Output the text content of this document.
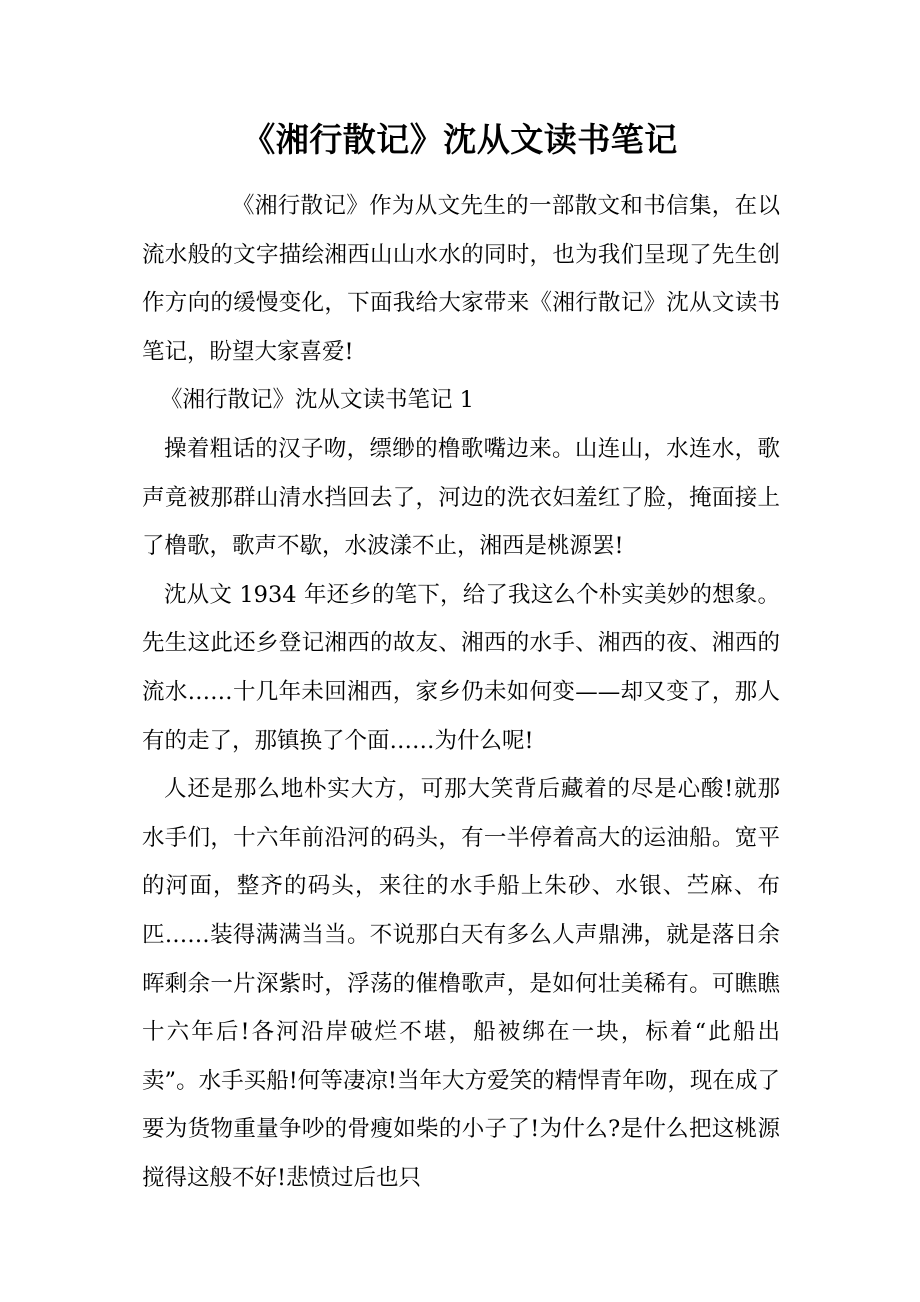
《湘行散记》沈从文读书笔记

《湘行散记》作为从文先生的一部散文和书信集，在以流水般的文字描绘湘西山山水水的同时，也为我们呈现了先生创作方向的缓慢变化，下面我给大家带来《湘行散记》沈从文读书笔记，盼望大家喜爱!

《湘行散记》沈从文读书笔记 1

操着粗话的汉子吻，缥缈的橹歌嘴边来。山连山，水连水，歌声竟被那群山清水挡回去了，河边的洗衣妇羞红了脸，掩面接上了橹歌，歌声不歇，水波漾不止，湘西是桃源罢!

沈从文 1934 年还乡的笔下，给了我这么个朴实美妙的想象。先生这此还乡登记湘西的故友、湘西的水手、湘西的夜、湘西的流水……十几年未回湘西，家乡仍未如何变——却又变了，那人有的走了，那镇换了个面……为什么呢!

人还是那么地朴实大方，可那大笑背后藏着的尽是心酸!就那水手们，十六年前沿河的码头，有一半停着高大的运油船。宽平的河面，整齐的码头，来往的水手船上朱砂、水银、苎麻、布匹……装得满满当当。不说那白天有多么人声鼎沸，就是落日余晖剩余一片深紫时，浮荡的催橹歌声，是如何壮美稀有。可瞧瞧十六年后!各河沿岸破烂不堪，船被绑在一块，标着“此船出卖”。水手买船!何等凄凉!当年大方爱笑的精悍青年吻，现在成了要为货物重量争吵的骨瘦如柴的小子了!为什么?是什么把这桃源搅得这般不好!悲愤过后也只
